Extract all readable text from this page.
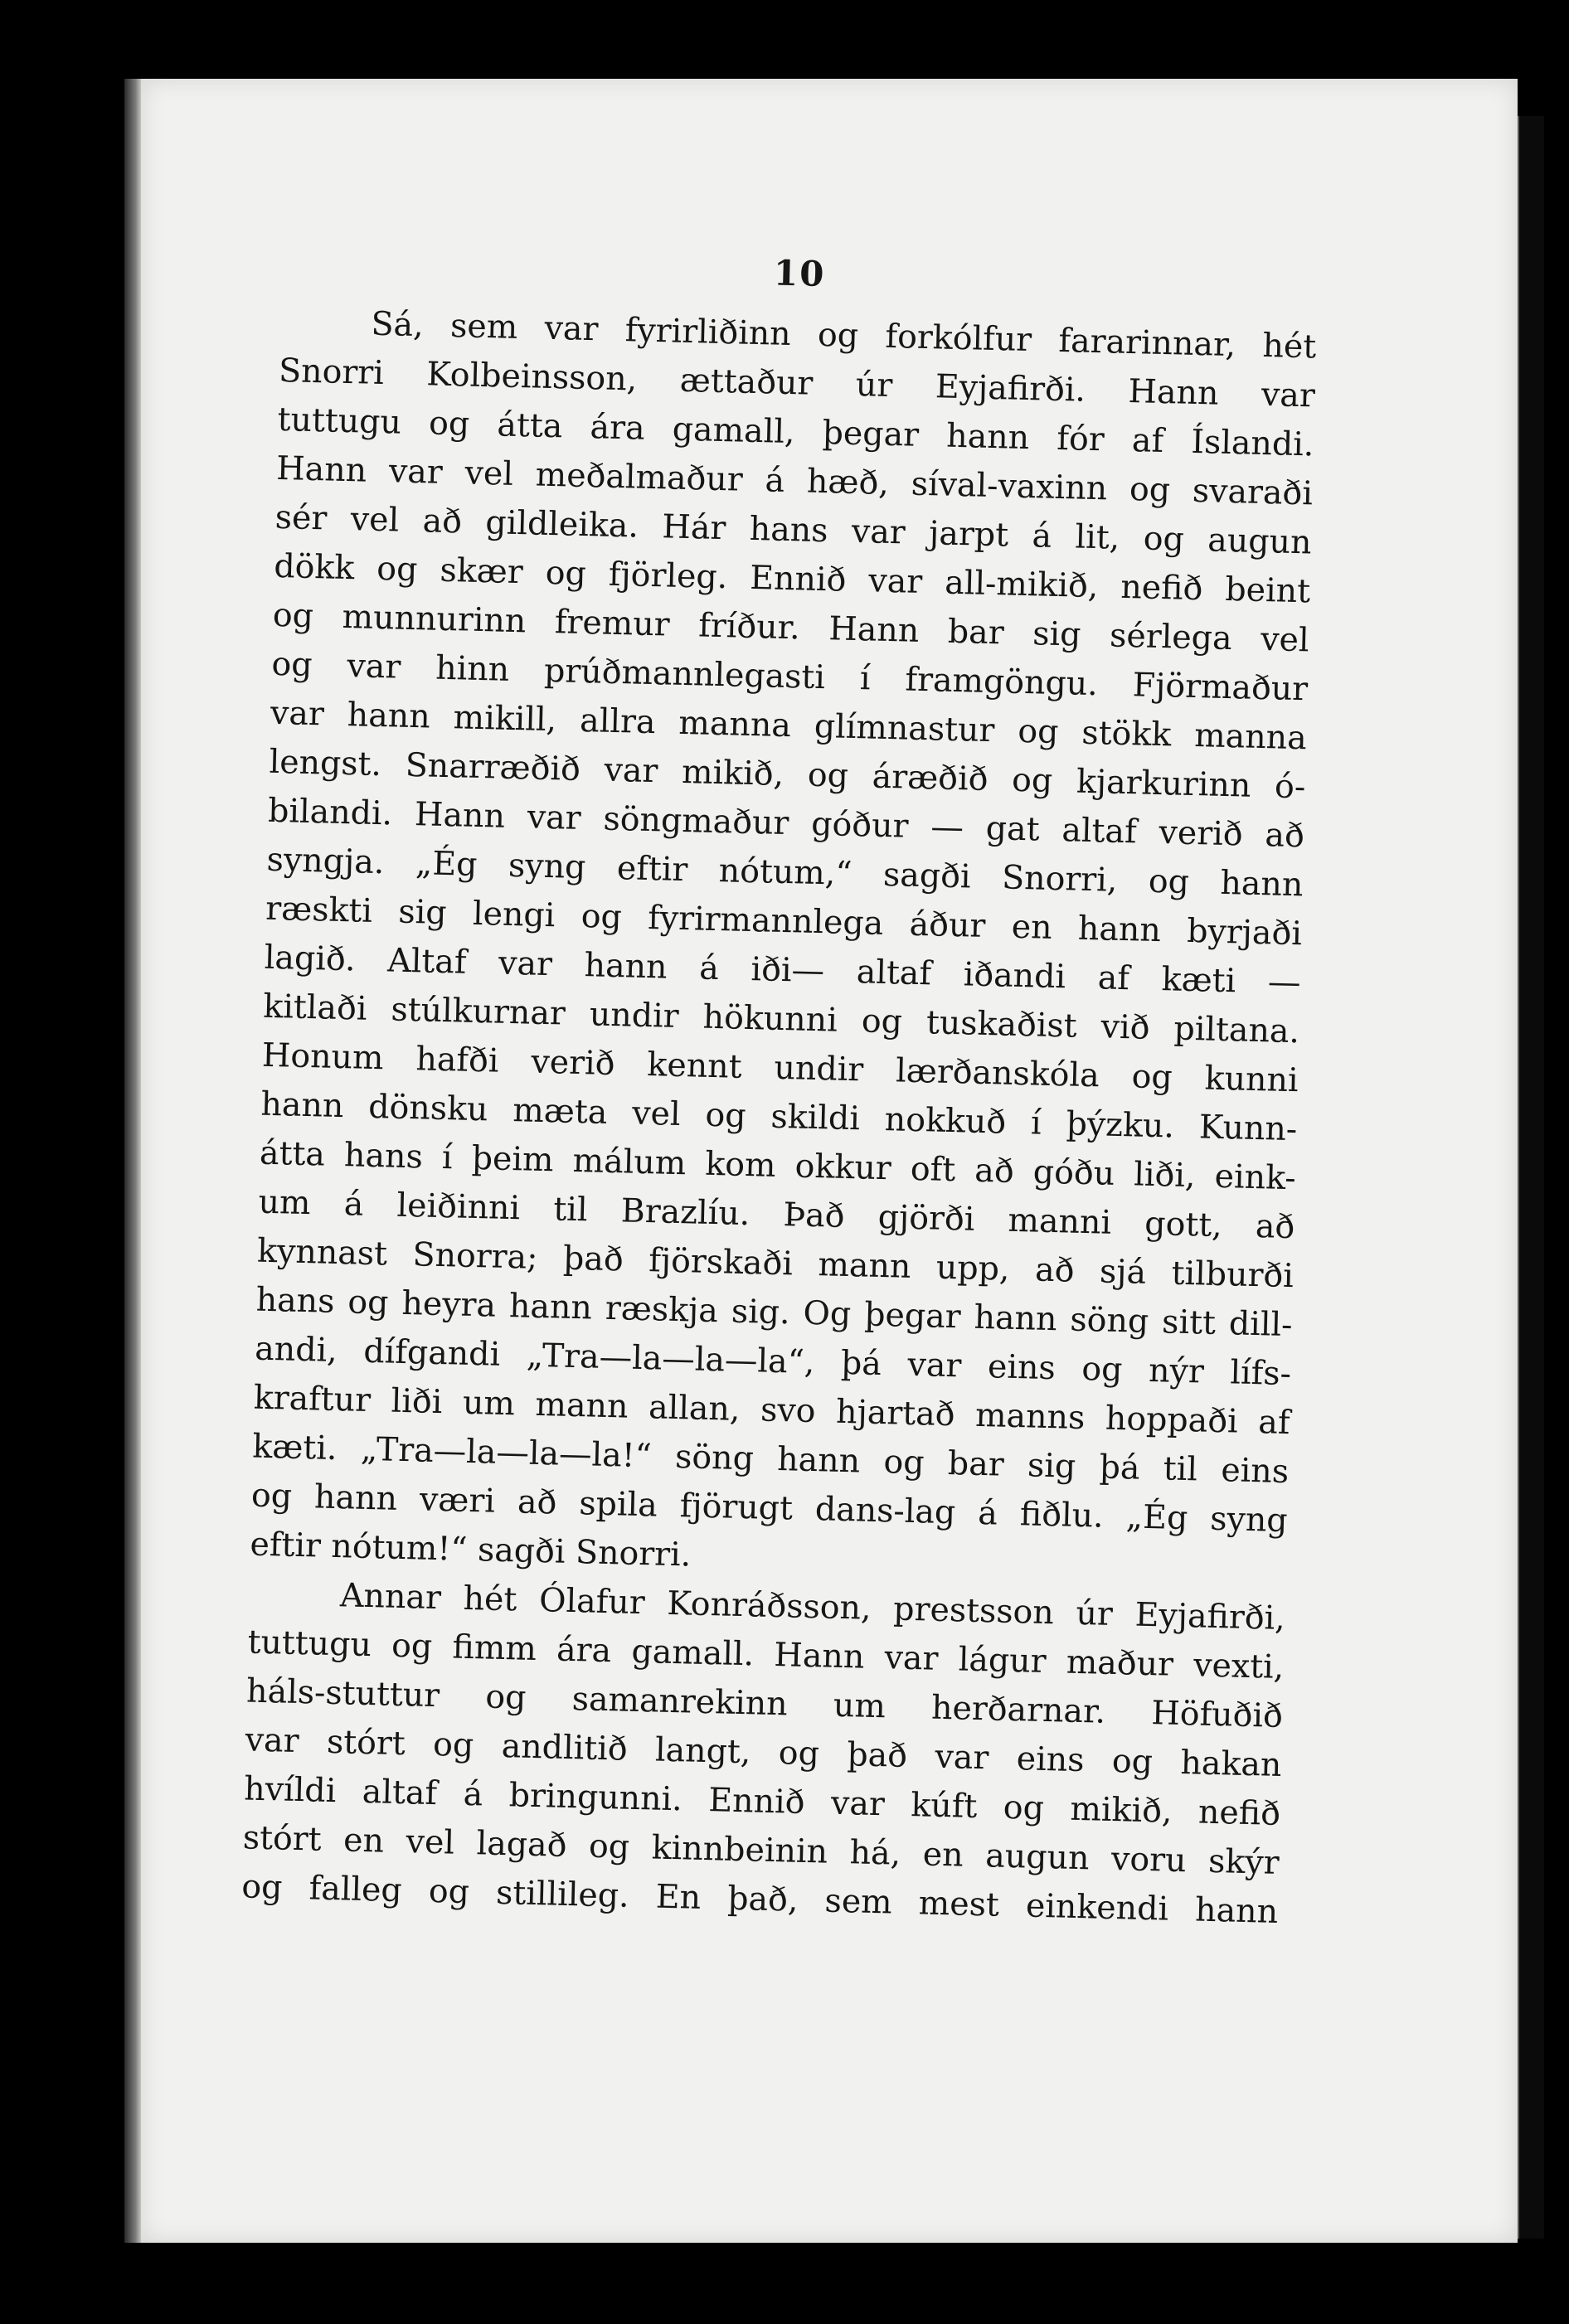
10

Sá, sem var fyrirliðinn og forkólfur fararinnar, hét
Snorri Kolbeinsson, ættaður úr Eyjafirði. Hann var
tuttugu og átta ára gamall, þegar hann fór af Íslandi.
Hann var vel meðalmaður á hæð, síval-vaxinn og svaraði
sér vel að gildleika. Hár hans var jarpt á lit, og augun
dökk og skær og fjörleg. Ennið var all-mikið, nefið beint
og munnurinn fremur fríður. Hann bar sig sérlega vel
og var hinn prúðmannlegasti í framgöngu. Fjörmaður
var hann mikill, allra manna glímnastur og stökk manna
lengst. Snarræðið var mikið, og áræðið og kjarkurinn ó-
bilandi. Hann var söngmaður góður — gat altaf verið að
syngja. „Ég syng eftir nótum,“ sagði Snorri, og hann
ræskti sig lengi og fyrirmannlega áður en hann byrjaði
lagið. Altaf var hann á iði— altaf iðandi af kæti —
kitlaði stúlkurnar undir hökunni og tuskaðist við piltana.
Honum hafði verið kennt undir lærðanskóla og kunni
hann dönsku mæta vel og skildi nokkuð í þýzku. Kunn-
átta hans í þeim málum kom okkur oft að góðu liði, eink-
um á leiðinni til Brazlíu. Það gjörði manni gott, að
kynnast Snorra; það fjörskaði mann upp, að sjá tilburði
hans og heyra hann ræskja sig. Og þegar hann söng sitt dill-
andi, dífgandi „Tra—la—la—la“, þá var eins og nýr lífs-
kraftur liði um mann allan, svo hjartað manns hoppaði af
kæti. „Tra—la—la—la!“ söng hann og bar sig þá til eins
og hann væri að spila fjörugt dans-lag á fiðlu. „Ég syng
eftir nótum!“ sagði Snorri.

Annar hét Ólafur Konráðsson, prestsson úr Eyjafirði,
tuttugu og fimm ára gamall. Hann var lágur maður vexti,
háls-stuttur og samanrekinn um herðarnar. Höfuðið
var stórt og andlitið langt, og það var eins og hakan
hvíldi altaf á bringunni. Ennið var kúft og mikið, nefið
stórt en vel lagað og kinnbeinin há, en augun voru skýr
og falleg og stillileg. En það, sem mest einkendi hann
